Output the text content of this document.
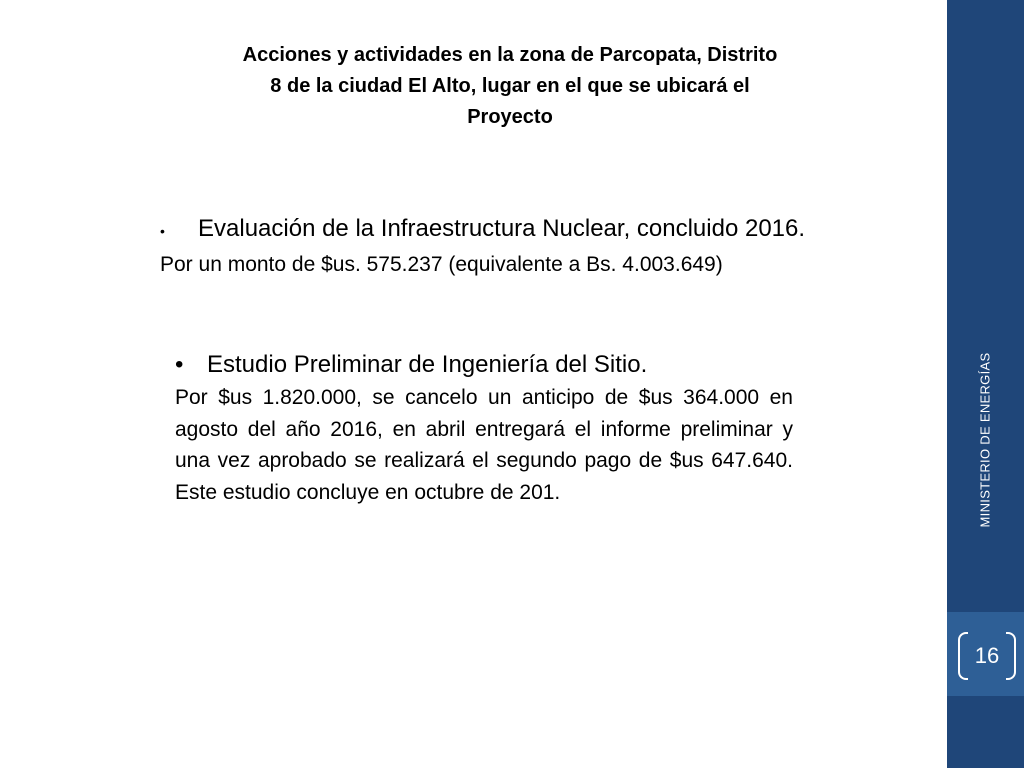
Acciones y actividades en la zona de Parcopata, Distrito 8 de la ciudad El Alto, lugar en el que se ubicará el Proyecto
•	Evaluación de la Infraestructura Nuclear, concluido 2016.
Por un monto de $us. 575.237 (equivalente a Bs. 4.003.649)
• Estudio Preliminar de Ingeniería del Sitio.
Por $us 1.820.000, se cancelo un anticipo de $us 364.000 en agosto del año 2016, en abril entregará el informe preliminar y una vez aprobado se realizará el segundo pago de $us 647.640. Este estudio concluye en octubre de 201.	MINISTERIO DE ENERGÍAS
16
